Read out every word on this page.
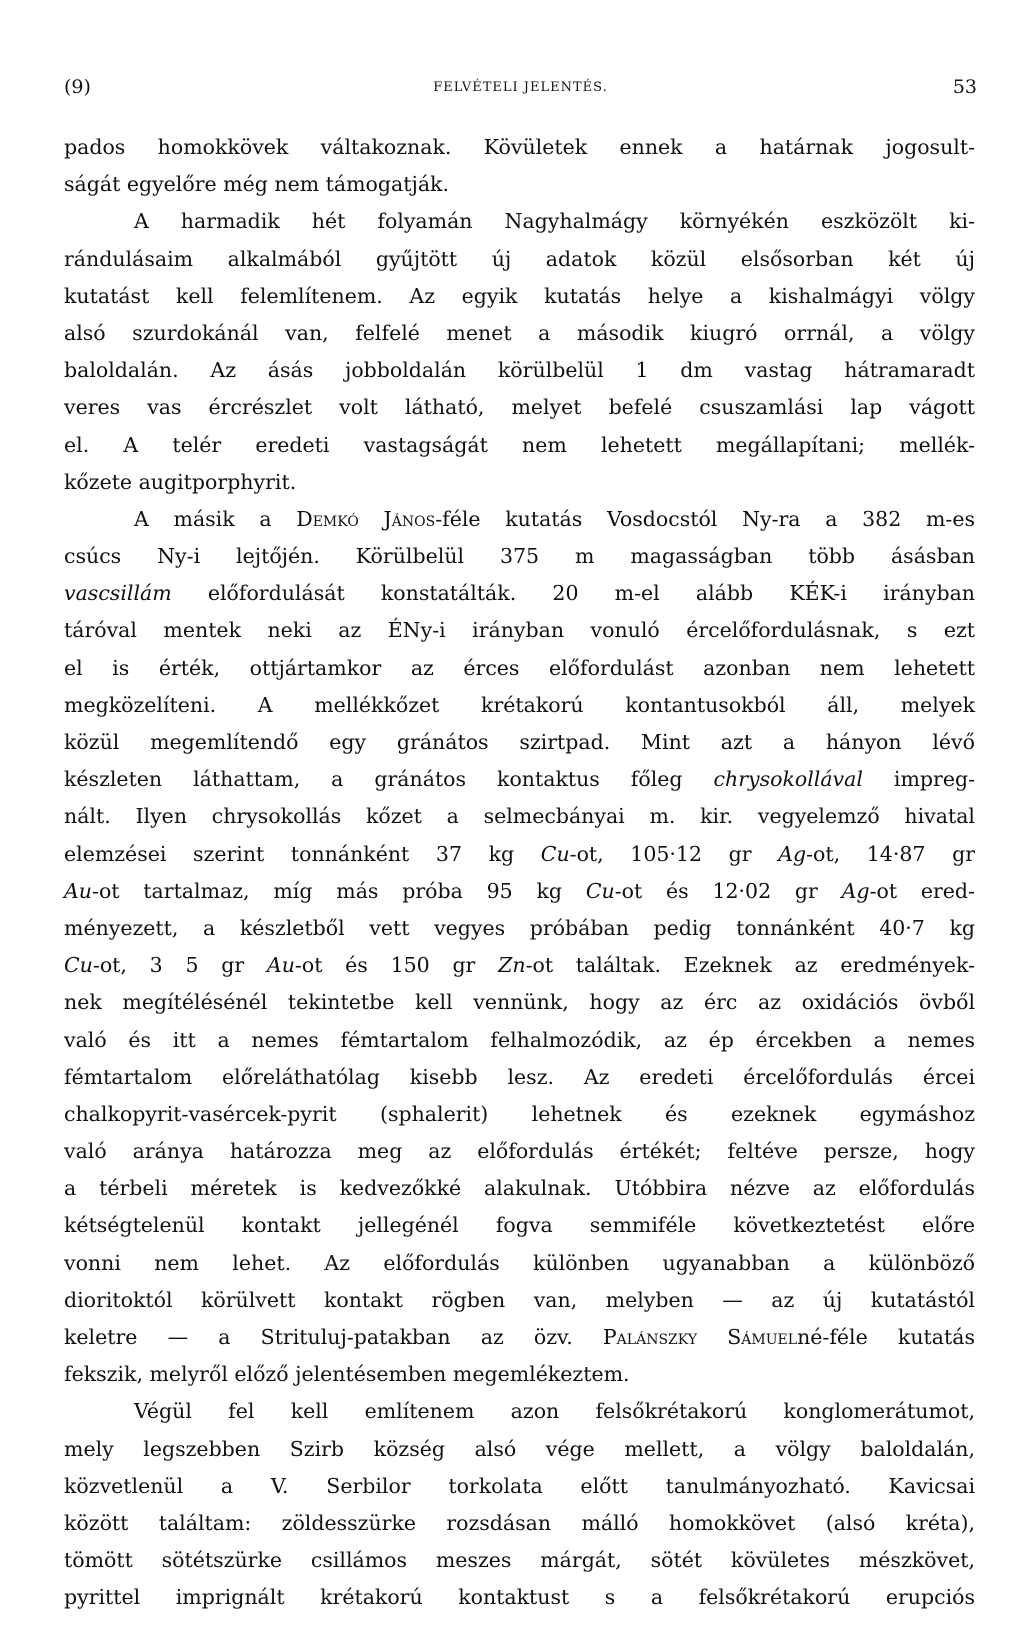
(9)	FELVÉTELI JELENTÉS.	53
pados homokkövek váltakoznak. Kövületek ennek a határnak jogosult-
ságát egyelőre még nem támogatják.
A harmadik hét folyamán Nagyhalmágy környékén eszközölt ki-
rándulásaim alkalmából gyűjtött új adatok közül elsősorban két új
kutatást kell felemlítenem. Az egyik kutatás helye a kishalmágyi völgy
alsó szurdokánál van, felfelé menet a második kiugró orrnál, a völgy
baloldalán. Az ásás jobboldalán körülbelül 1 dm vastag hátramaradt
veres vas ércrészlet volt látható, melyet befelé csuszamlási lap vágott
el. A telér eredeti vastagságát nem lehetett megállapítani; mellék-
kőzete augitporphyrit.
A másik a Demkó János-féle kutatás Vosdocstól Ny-ra a 382 m-es
csúcs Ny-i lejtőjén. Körülbelül 375 m magasságban több ásásban
vascsillám előfordulását konstatálták. 20 m-el alább KÉK-i irányban
táróval mentek neki az ÉNy-i irányban vonuló ércelőfordulásnak, s ezt
el is érték, ottjártamkor az érces előfordulást azonban nem lehetett
megközelíteni. A mellékkőzet krétakorú kontantusokból áll, melyek
közül megemlítendő egy gránátos szirtpad. Mint azt a hányon lévő
készleten láthattam, a gránátos kontaktus főleg chrysokollával impreg-
nált. Ilyen chrysokollás kőzet a selmecbányai m. kir. vegyelemző hivatal
elemzései szerint tonnánként 37 kg Cu-ot, 105·12 gr Ag-ot, 14·87 gr
Au-ot tartalmaz, míg más próba 95 kg Cu-ot és 12·02 gr Ag-ot ered-
ményezett, a készletből vett vegyes próbában pedig tonnánként 40·7 kg
Cu-ot, 3 5 gr Au-ot és 150 gr Zn-ot találtak. Ezeknek az eredmények-
nek megítélésénél tekintetbe kell vennünk, hogy az érc az oxidációs övből
való és itt a nemes fémtartalom felhalmozódik, az ép ércekben a nemes
fémtartalom előreláthatólag kisebb lesz. Az eredeti ércelőfordulás ércei
chalkopyrit-vasércek-pyrit (sphalerit) lehetnek és ezeknek egymáshoz
való aránya határozza meg az előfordulás értékét; feltéve persze, hogy
a térbeli méretek is kedvezőkké alakulnak. Utóbbira nézve az előfordulás
kétségtelenül kontakt jellegénél fogva semmiféle következtetést előre
vonni nem lehet. Az előfordulás különben ugyanabban a különböző
dioritoktól körülvett kontakt rögben van, melyben — az új kutatástól
keletre — a Strituluj-patakban az özv. Palánszky Sámuelné-féle kutatás
fekszik, melyről előző jelentésemben megemlékeztem.
Végül fel kell említenem azon felsőkrétakorú konglomerátumot,
mely legszebben Szirb község alsó vége mellett, a völgy baloldalán,
közvetlenül a V. Serbilor torkolata előtt tanulmányozható. Kavicsai
között találtam: zöldesszürke rozsdásan málló homokkövet (alsó kréta),
tömött sötétszürke csillámos meszes márgát, sötét kövületes mészkövet,
pyrittel imprignált krétakorú kontaktust s a felsőkrétakorú erupciós
